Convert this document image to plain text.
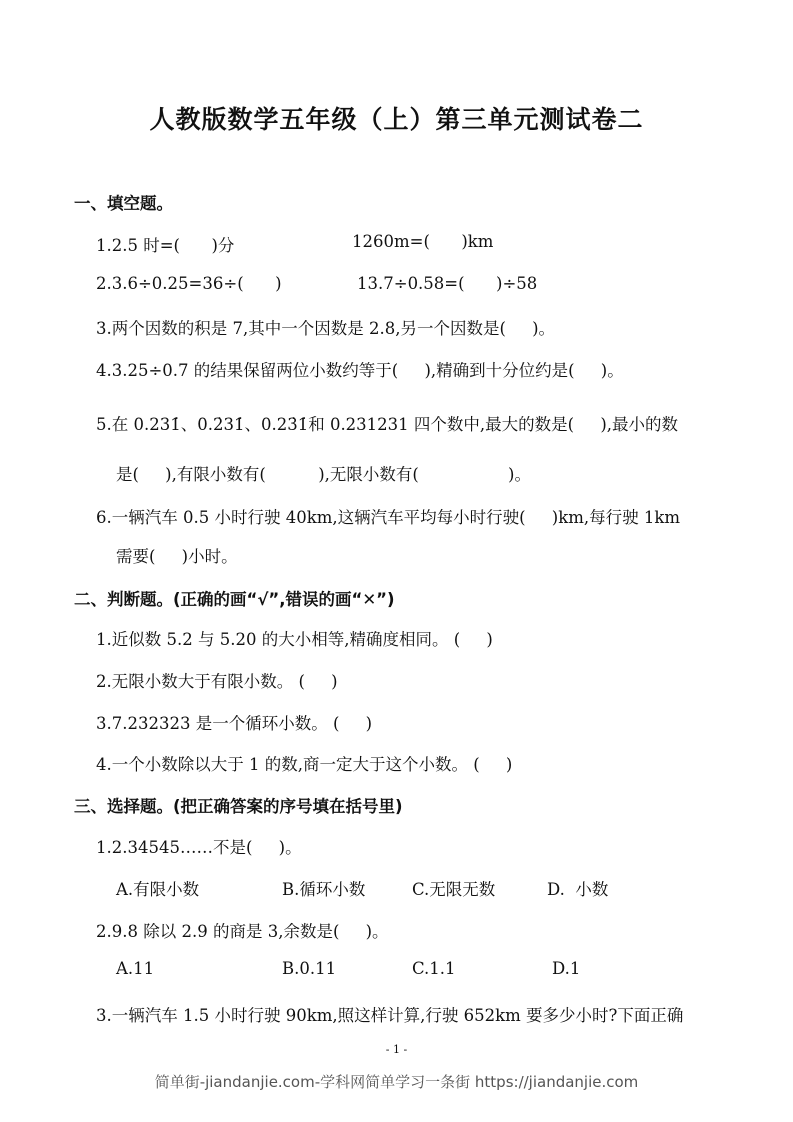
人教版数学五年级（上）第三单元测试卷二
一、填空题。
1.2.5 时=(      )分	1260m=(      )km
2.3.6÷0.25=36÷(      )	13.7÷0.58=(      )÷58
3.两个因数的积是 7,其中一个因数是 2.8,另一个因数是(     )。
4.3.25÷0.7 的结果保留两位小数约等于(     ),精确到十分位约是(     )。
5.在 0.231̇、0.2̇31̇、0.23̇1̇和 0.231231 四个数中,最大的数是(     ),最小的数
是(     ),有限小数有(          ),无限小数有(                 )。
6.一辆汽车 0.5 小时行驶 40km,这辆汽车平均每小时行驶(     )km,每行驶 1km
需要(     )小时。
二、判断题。(正确的画“√”,错误的画“✕”)
1.近似数 5.2 与 5.20 的大小相等,精确度相同。 (     )
2.无限小数大于有限小数。 (     )
3.7.232323 是一个循环小数。 (     )
4.一个小数除以大于 1 的数,商一定大于这个小数。 (     )
三、选择题。(把正确答案的序号填在括号里)
1.2.34545……不是(     )。
A.有限小数	B.循环小数	C.无限无数	D.  小数
2.9.8 除以 2.9 的商是 3,余数是(     )。
A.11	B.0.11	C.1.1	D.1
3.一辆汽车 1.5 小时行驶 90km,照这样计算,行驶 652km 要多少小时?下面正确
- 1 -
简单街-jiandanjie.com-学科网简单学习一条街 https://jiandanjie.com
